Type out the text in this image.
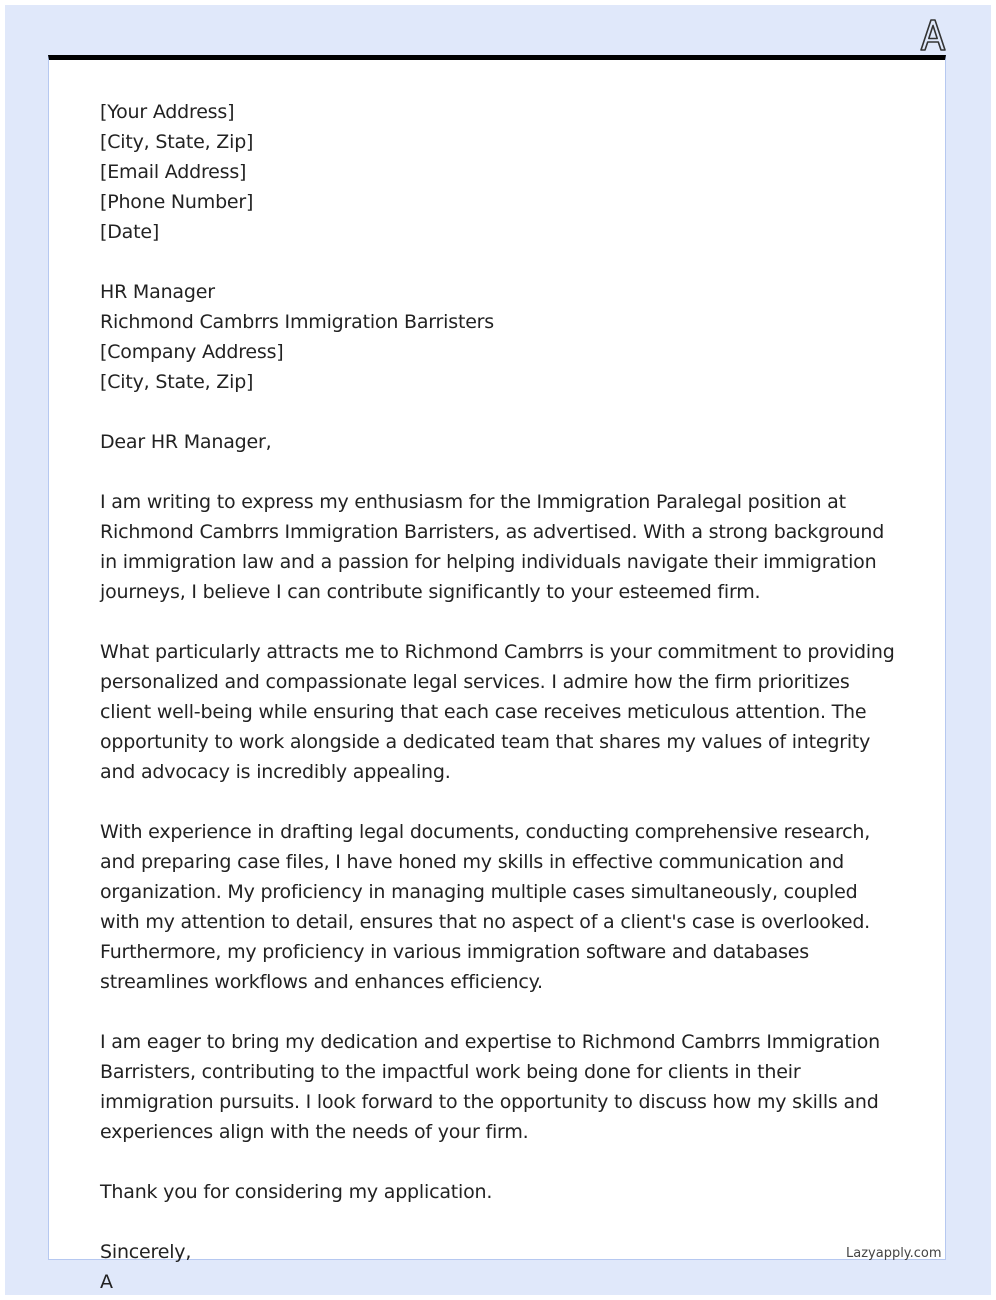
[Your Address]
[City, State, Zip]
[Email Address]
[Phone Number]
[Date]
HR Manager
Richmond Cambrrs Immigration Barristers
[Company Address]
[City, State, Zip]
Dear HR Manager,

I am writing to express my enthusiasm for the Immigration Paralegal position at Richmond Cambrrs Immigration Barristers, as advertised. With a strong background in immigration law and a passion for helping individuals navigate their immigration journeys, I believe I can contribute significantly to your esteemed firm.

What particularly attracts me to Richmond Cambrrs is your commitment to providing personalized and compassionate legal services. I admire how the firm prioritizes client well-being while ensuring that each case receives meticulous attention. The opportunity to work alongside a dedicated team that shares my values of integrity and advocacy is incredibly appealing.

With experience in drafting legal documents, conducting comprehensive research, and preparing case files, I have honed my skills in effective communication and organization. My proficiency in managing multiple cases simultaneously, coupled with my attention to detail, ensures that no aspect of a client's case is overlooked. Furthermore, my proficiency in various immigration software and databases streamlines workflows and enhances efficiency.

I am eager to bring my dedication and expertise to Richmond Cambrrs Immigration Barristers, contributing to the impactful work being done for clients in their immigration pursuits. I look forward to the opportunity to discuss how my skills and experiences align with the needs of your firm.

Thank you for considering my application.

Sincerely,
A
Lazyapply.com
